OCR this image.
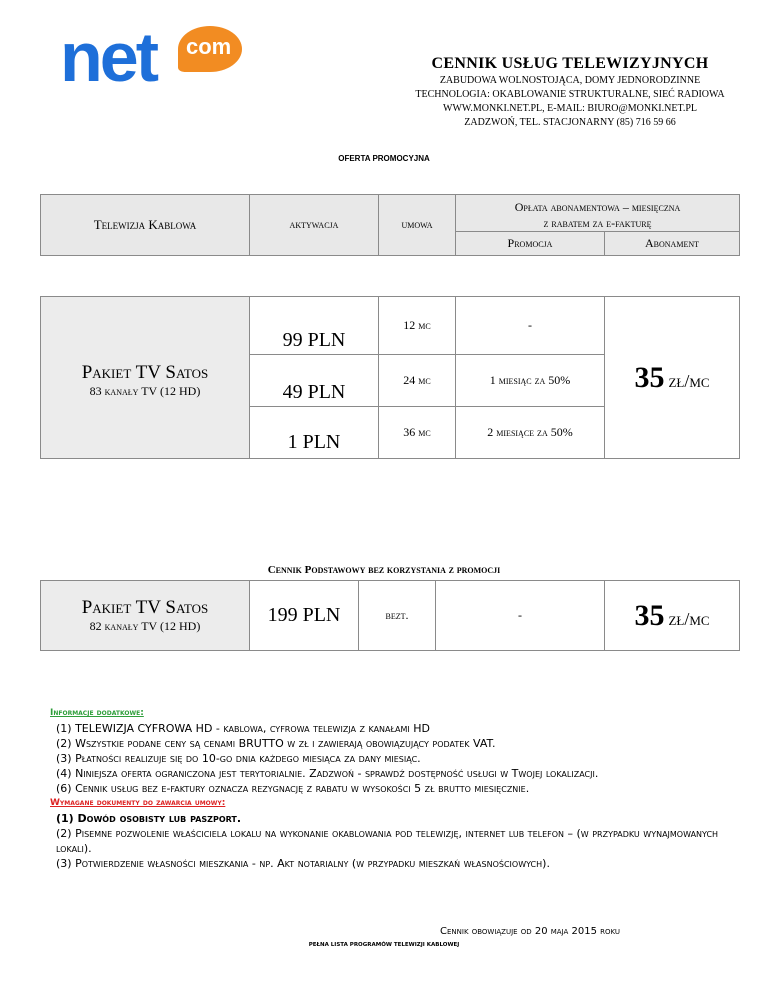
com
net	CENNIK USŁUG TELEWIZYJNYCH
ZABUDOWA WOLNOSTOJĄCA, DOMY JEDNORODZINNE
TECHNOLOGIA: OKABLOWANIE STRUKTURALNE, SIEĆ RADIOWA
WWW.MONKI.NET.PL, E-MAIL: BIURO@MONKI.NET.PL
ZADZWOŃ, TEL. STACJONARNY (85) 716 59 66
OFERTA PROMOCYJNA
Telewizja Kablowa	aktywacja	umowa	Opłata abonamentowa – miesięczna
z rabatem za e-fakturę	

			Promocja	Abonament
Pakiet TV Satos
83 kanały TV (12 HD)	99 PLN	12 mc	-	35 zł/mc
	49 PLN	24 mc	1 miesiąc za 50%	
	1 PLN	36 mc	2 miesiące za 50%	
Cennik Podstawowy bez korzystania z promocji
Pakiet TV Satos
82 kanały TV (12 HD)	199 PLN	bezt.	-	35 zł/mc
Informacje dodatkowe:
(1) TELEWIZJA CYFROWA HD - kablowa, cyfrowa telewizja z kanałami HD
(2) Wszystkie podane ceny są cenami BRUTTO w zł i zawierają obowiązujący podatek VAT.
(3) Płatności realizuje się do 10-go dnia każdego miesiąca za dany miesiąc.
(4) Niniejsza oferta ograniczona jest terytorialnie. Zadzwoń - sprawdź dostępność usługi w Twojej lokalizacji.
(6) Cennik usług bez e-faktury oznacza rezygnację z rabatu w wysokości 5 zł brutto miesięcznie.
Wymagane dokumenty do zawarcia umowy:
(1) Dowód osobisty lub paszport.
(2) Pisemne pozwolenie właściciela lokalu na wykonanie okablowania pod telewizję, internet lub telefon – (w przypadku wynajmowanych lokali).
(3) Potwierdzenie własności mieszkania - np. Akt notarialny (w przypadku mieszkań własnościowych).
Cennik obowiązuje od 20 maja 2015 roku
PEŁNA LISTA PROGRAMÓW TELEWIZJI KABLOWEJ
